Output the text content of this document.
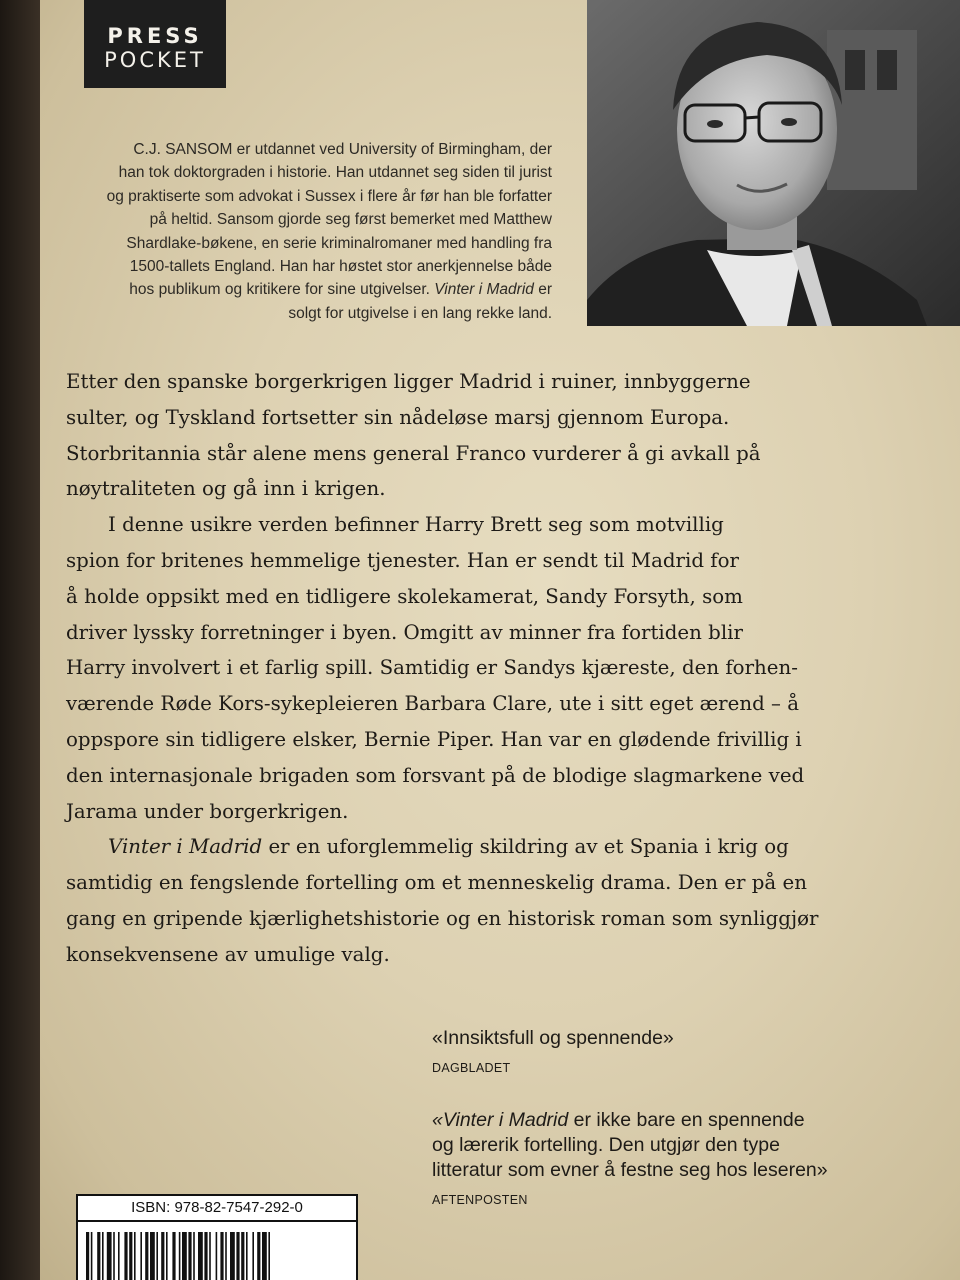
PRESS
POCKET
C.J. SANSOM er utdannet ved University of Birmingham, der
han tok doktorgraden i historie. Han utdannet seg siden til jurist
og praktiserte som advokat i Sussex i flere år før han ble forfatter
på heltid. Sansom gjorde seg først bemerket med Matthew
Shardlake-bøkene, en serie kriminalromaner med handling fra
1500-tallets England. Han har høstet stor anerkjennelse både
hos publikum og kritikere for sine utgivelser. Vinter i Madrid er
solgt for utgivelse i en lang rekke land.
Etter den spanske borgerkrigen ligger Madrid i ruiner, innbyggerne
sulter, og Tyskland fortsetter sin nådeløse marsj gjennom Europa.
Storbritannia står alene mens general Franco vurderer å gi avkall på
nøytraliteten og gå inn i krigen.
I denne usikre verden befinner Harry Brett seg som motvillig
spion for britenes hemmelige tjenester. Han er sendt til Madrid for
å holde oppsikt med en tidligere skolekamerat, Sandy Forsyth, som
driver lyssky forretninger i byen. Omgitt av minner fra fortiden blir
Harry involvert i et farlig spill. Samtidig er Sandys kjæreste, den forhen-
værende Røde Kors-sykepleieren Barbara Clare, ute i sitt eget ærend – å
oppspore sin tidligere elsker, Bernie Piper. Han var en glødende frivillig i
den internasjonale brigaden som forsvant på de blodige slagmarkene ved
Jarama under borgerkrigen.
Vinter i Madrid er en uforglemmelig skildring av et Spania i krig og
samtidig en fengslende fortelling om et menneskelig drama. Den er på en
gang en gripende kjærlighetshistorie og en historisk roman som synliggjør
konsekvensene av umulige valg.
«Innsiktsfull og spennende»
DAGBLADET
«Vinter i Madrid er ikke bare en spennende
og lærerik fortelling. Den utgjør den type
litteratur som evner å festne seg hos leseren»
AFTENPOSTEN
ISBN: 978-82-7547-292-0
